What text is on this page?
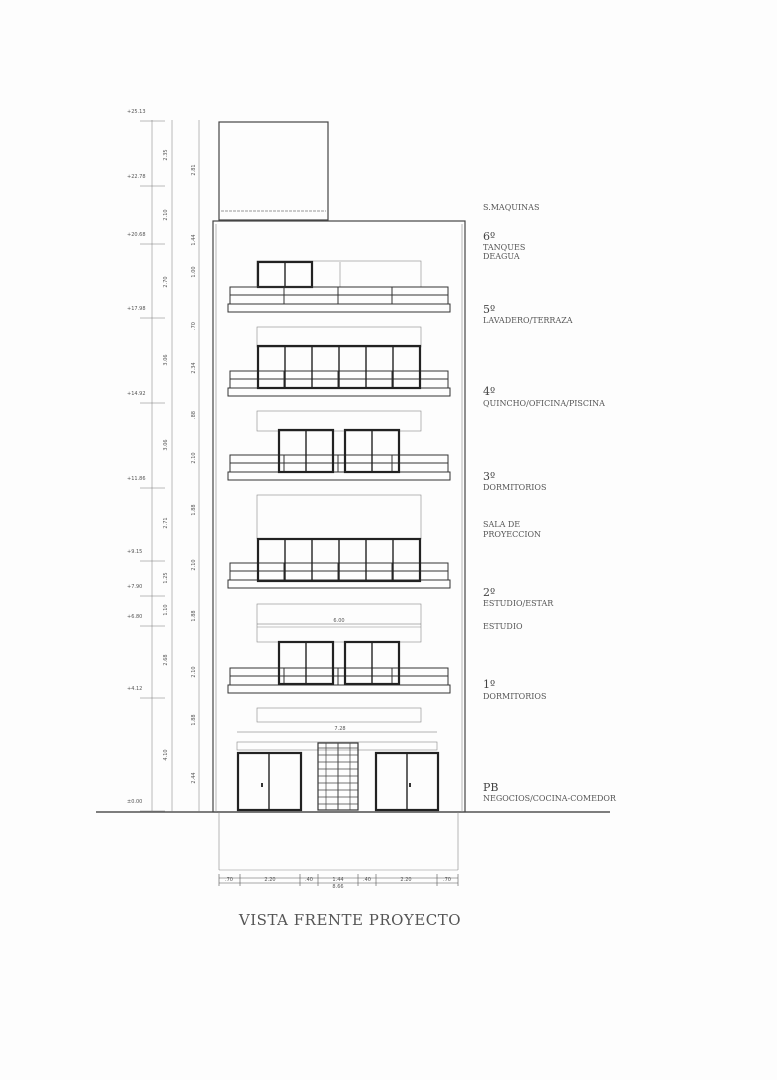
6.00
7.28
.70	2.20	.40	1.44	.40	2.20	.70
8.66
+25.13
+22.78
+20.68
+17.98
+14.92
+11.86
+9.15
+7.90
+6.80
+4.12
±0.00
2.35
2.10
2.70
3.06
3.06
2.71
1.25
1.10
2.68
4.10
2.81
1.44
1.00
.70
2.34
.88
2.10
1.88
2.10
1.88
2.10
1.88
2.44
S.MAQUINAS
6º
TANQUES
DEAGUA
5º
LAVADERO/TERRAZA
4º
QUINCHO/OFICINA/PISCINA
3º
DORMITORIOS
SALA DE
PROYECCION
2º
ESTUDIO/ESTAR
ESTUDIO
1º
DORMITORIOS
PB
NEGOCIOS/COCINA-COMEDOR
VISTA FRENTE PROYECTO
